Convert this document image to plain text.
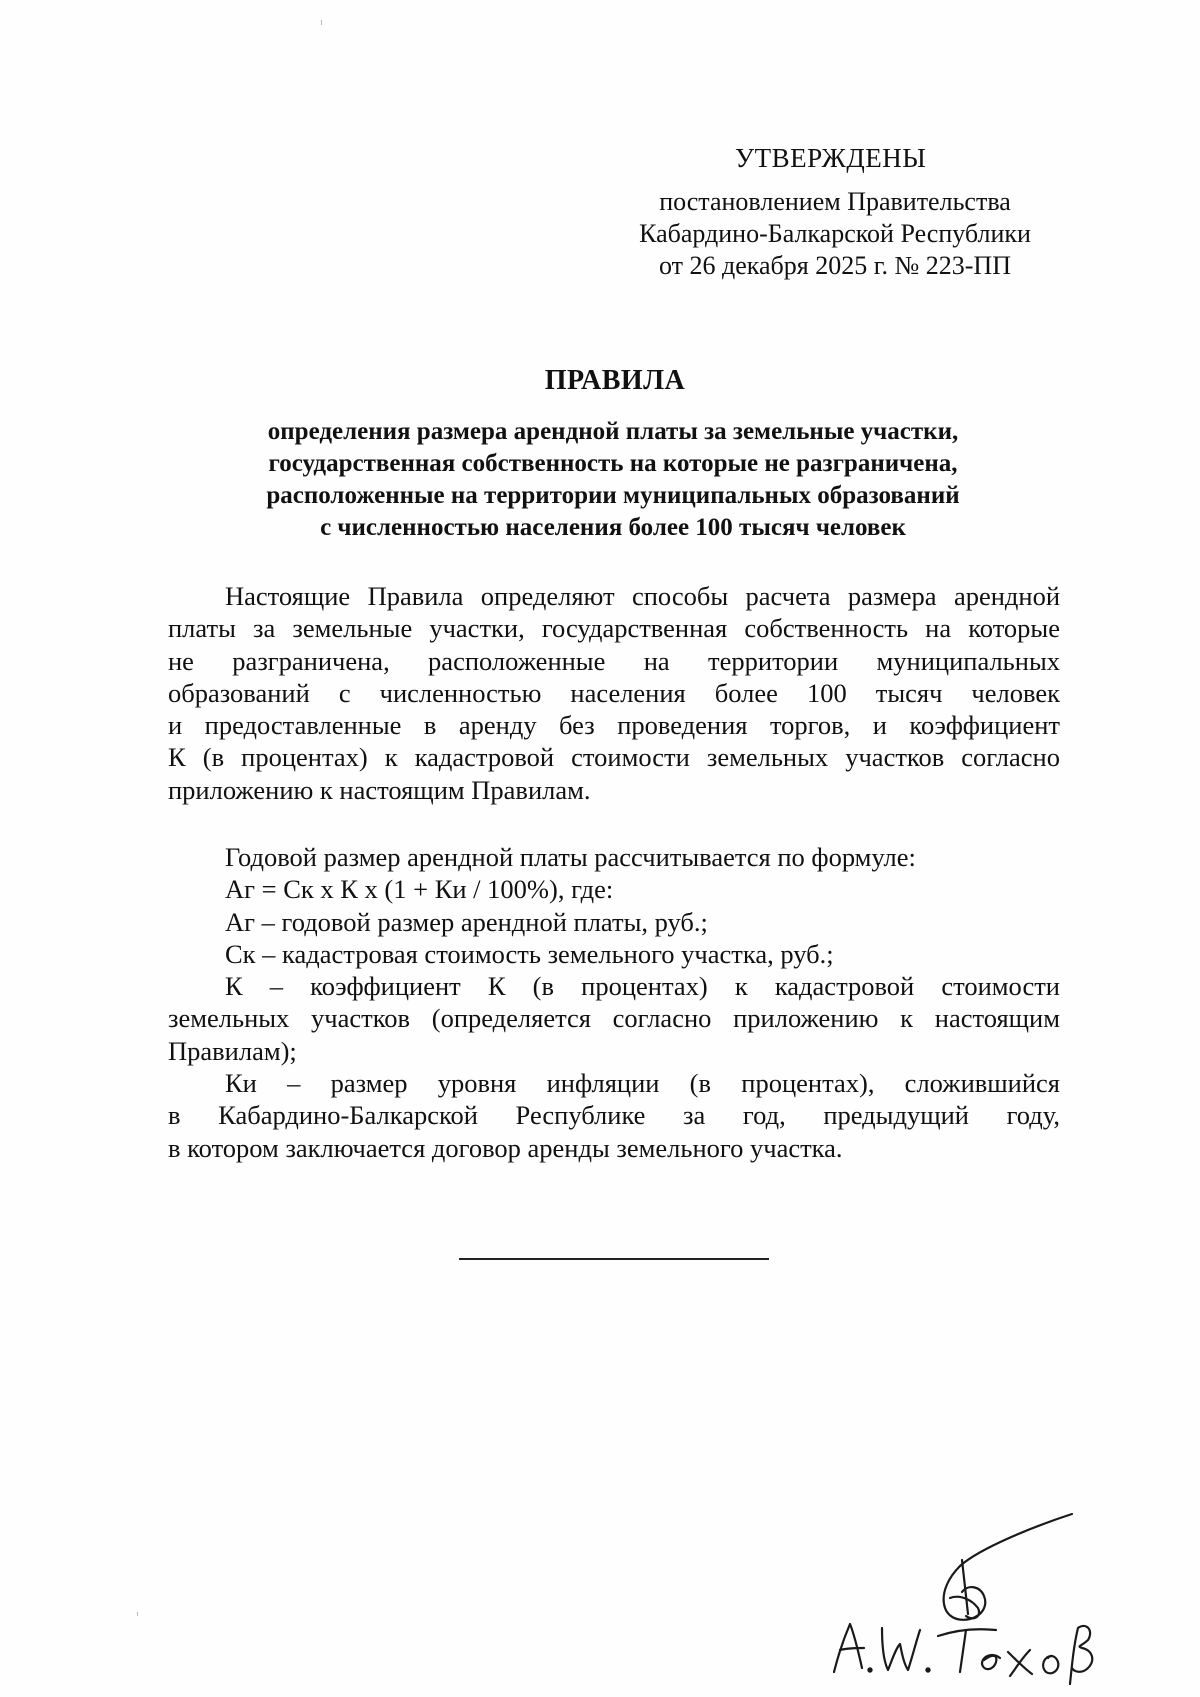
УТВЕРЖДЕНЫ
постановлением Правительства
Кабардино-Балкарской Республики
от 26 декабря 2025 г. № 223-ПП
ПРАВИЛА
определения размера арендной платы за земельные участки,
государственная собственность на которые не разграничена,
расположенные на территории муниципальных образований
с численностью населения более 100 тысяч человек
Настоящие Правила определяют способы расчета размера арендной
платы за земельные участки, государственная собственность на которые
не разграничена, расположенные на территории муниципальных
образований с численностью населения более 100 тысяч человек
и предоставленные в аренду без проведения торгов, и коэффициент
К (в процентах) к кадастровой стоимости земельных участков согласно
приложению к настоящим Правилам.
Годовой размер арендной платы рассчитывается по формуле:
Аг = Ск х К х (1 + Ки / 100%), где:
Аг – годовой размер арендной платы, руб.;
Ск – кадастровая стоимость земельного участка, руб.;
К – коэффициент К (в процентах) к кадастровой стоимости
земельных участков (определяется согласно приложению к настоящим
Правилам);
Ки – размер уровня инфляции (в процентах), сложившийся
в Кабардино-Балкарской Республике за год, предыдущий году,
в котором заключается договор аренды земельного участка.
